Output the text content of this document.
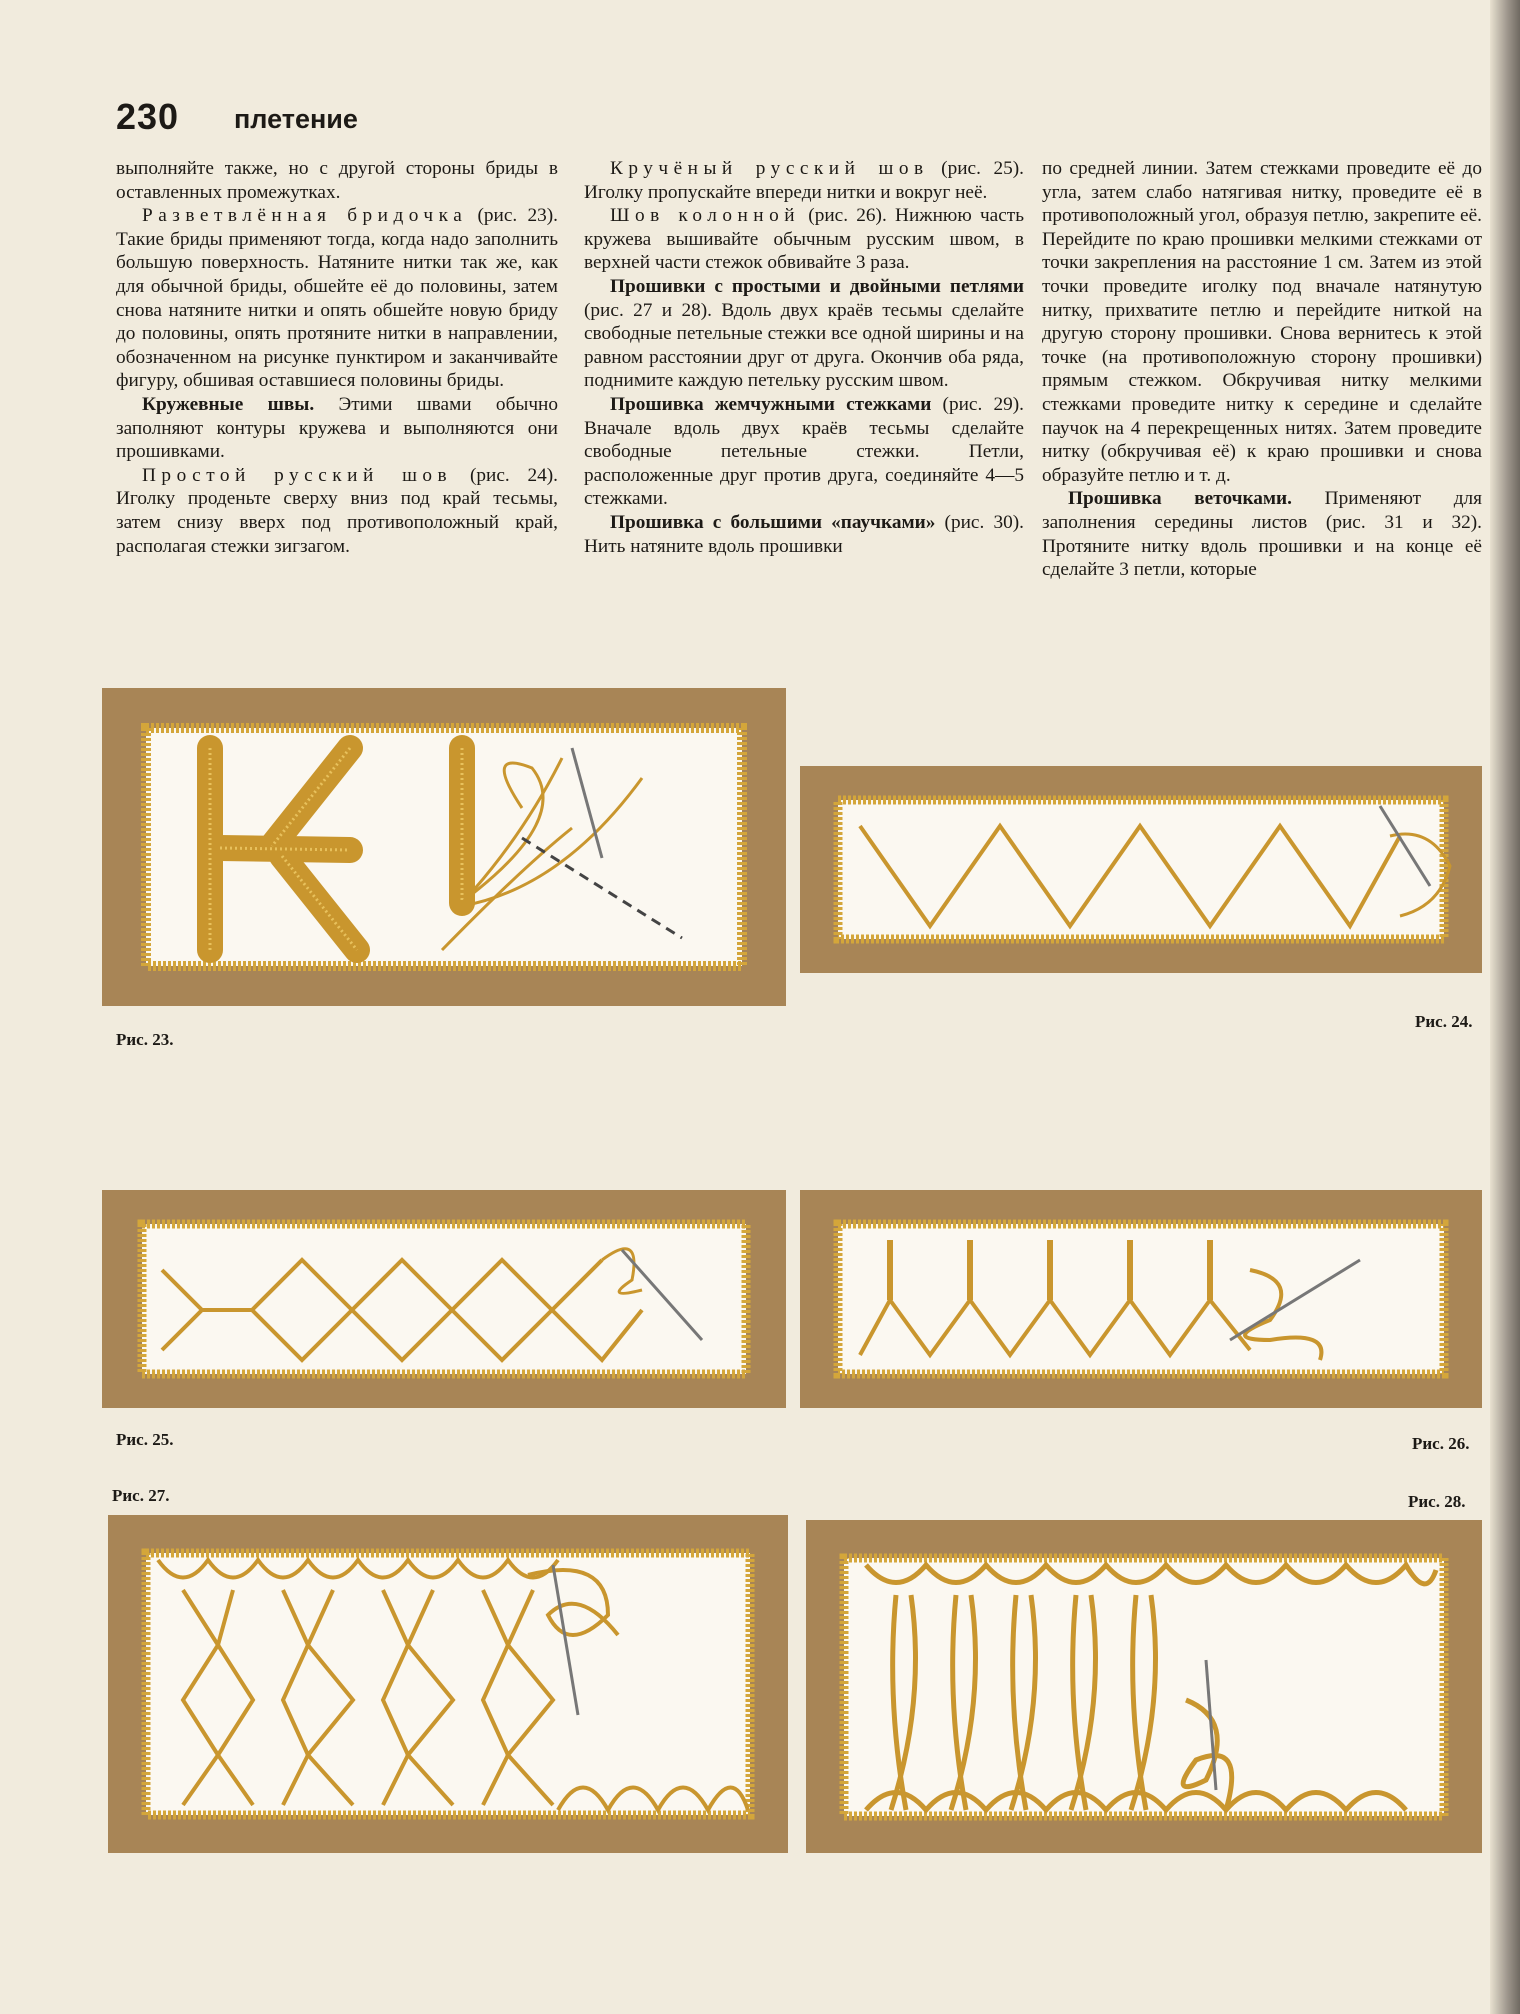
230 плетение

выполняйте также, но с другой стороны бриды в оставленных промежутках.

Разветвлённая бридочка (рис. 23). Такие бриды применяют тогда, когда надо заполнить большую поверхность. Натяните нитки так же, как для обычной бриды, обшейте её до половины, затем снова натяните нитки и опять обшейте новую бриду до половины, опять протяните нитки в направлении, обозначенном на рисунке пунктиром и заканчивайте фигуру, обшивая оставшиеся половины бриды.

Кружевные швы. Этими швами обычно заполняют контуры кружева и выполняются они прошивками.

Простой русский шов (рис. 24). Иголку проденьте сверху вниз под край тесьмы, затем снизу вверх под противоположный край, располагая стежки зигзагом.

Кручёный русский шов (рис. 25). Иголку пропускайте впереди нитки и вокруг неё.

Шов колонной (рис. 26). Нижнюю часть кружева вышивайте обычным русским швом, в верхней части стежок обвивайте 3 раза.

Прошивки с простыми и двойными петлями (рис. 27 и 28). Вдоль двух краёв тесьмы сделайте свободные петельные стежки все одной ширины и на равном расстоянии друг от друга. Окончив оба ряда, поднимите каждую петельку русским швом.

Прошивка жемчужными стежками (рис. 29). Вначале вдоль двух краёв тесьмы сделайте свободные петельные стежки. Петли, расположенные друг против друга, соединяйте 4—5 стежками.

Прошивка с большими «паучками» (рис. 30). Нить натяните вдоль прошивки

по средней линии. Затем стежками проведите её до угла, затем слабо натягивая нитку, проведите её в противоположный угол, образуя петлю, закрепите её. Перейдите по краю прошивки мелкими стежками от точки закрепления на расстояние 1 см. Затем из этой точки проведите иголку под вначале натянутую нитку, прихватите петлю и перейдите ниткой на другую сторону прошивки. Снова вернитесь к этой точке (на противоположную сторону прошивки) прямым стежком. Обкручивая нитку мелкими стежками проведите нитку к середине и сделайте паучок на 4 перекрещенных нитях. Затем проведите нитку (обкручивая её) к краю прошивки и снова образуйте петлю и т. д.

Прошивка веточками. Применяют для заполнения середины листов (рис. 31 и 32). Протяните нитку вдоль прошивки и на конце её сделайте 3 петли, которые

Рис. 23.
Рис. 24.
Рис. 25.	Рис. 26.
Рис. 27.	Рис. 28.
